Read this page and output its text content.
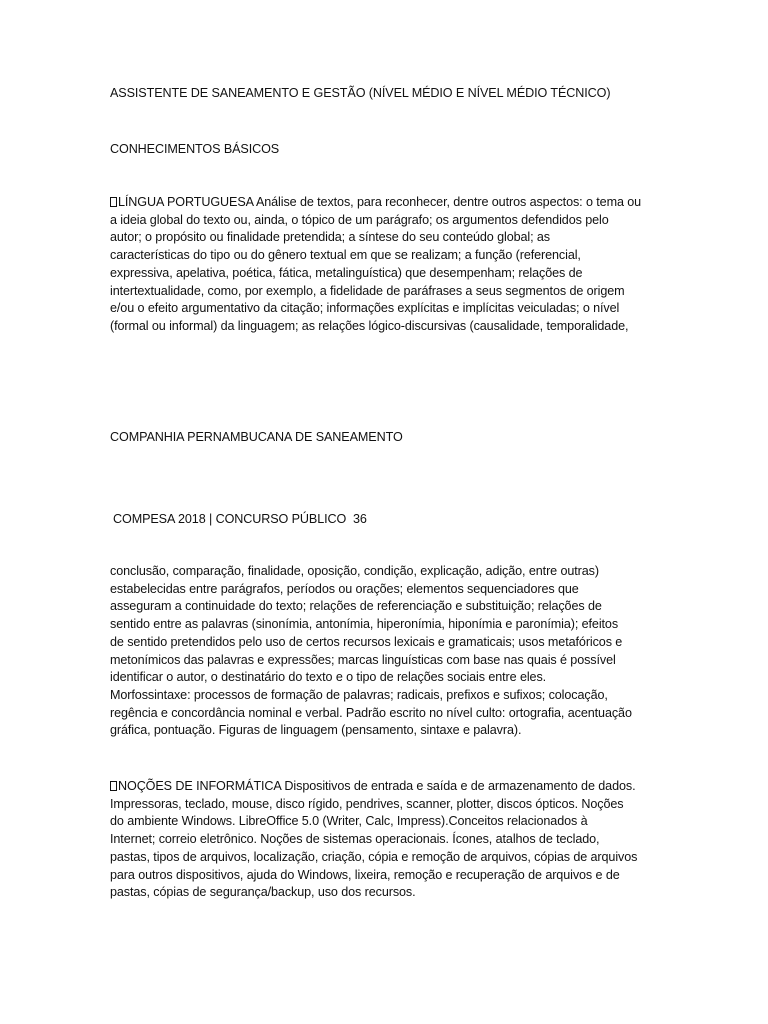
ASSISTENTE DE SANEAMENTO E GESTÃO (NÍVEL MÉDIO E NÍVEL MÉDIO TÉCNICO)

CONHECIMENTOS BÁSICOS

LÍNGUA PORTUGUESA Análise de textos, para reconhecer, dentre outros aspectos: o tema ou
a ideia global do texto ou, ainda, o tópico de um parágrafo; os argumentos defendidos pelo
autor; o propósito ou finalidade pretendida; a síntese do seu conteúdo global; as
características do tipo ou do gênero textual em que se realizam; a função (referencial,
expressiva, apelativa, poética, fática, metalinguística) que desempenham; relações de
intertextualidade, como, por exemplo, a fidelidade de paráfrases a seus segmentos de origem
e/ou o efeito argumentativo da citação; informações explícitas e implícitas veiculadas; o nível
(formal ou informal) da linguagem; as relações lógico-discursivas (causalidade, temporalidade,

COMPANHIA PERNAMBUCANA DE SANEAMENTO

COMPESA 2018 | CONCURSO PÚBLICO  36

conclusão, comparação, finalidade, oposição, condição, explicação, adição, entre outras)
estabelecidas entre parágrafos, períodos ou orações; elementos sequenciadores que
asseguram a continuidade do texto; relações de referenciação e substituição; relações de
sentido entre as palavras (sinonímia, antonímia, hiperonímia, hiponímia e paronímia); efeitos
de sentido pretendidos pelo uso de certos recursos lexicais e gramaticais; usos metafóricos e
metonímicos das palavras e expressões; marcas linguísticas com base nas quais é possível
identificar o autor, o destinatário do texto e o tipo de relações sociais entre eles.
Morfossintaxe: processos de formação de palavras; radicais, prefixos e sufixos; colocação,
regência e concordância nominal e verbal. Padrão escrito no nível culto: ortografia, acentuação
gráfica, pontuação. Figuras de linguagem (pensamento, sintaxe e palavra).

NOÇÕES DE INFORMÁTICA Dispositivos de entrada e saída e de armazenamento de dados.
Impressoras, teclado, mouse, disco rígido, pendrives, scanner, plotter, discos ópticos. Noções
do ambiente Windows. LibreOffice 5.0 (Writer, Calc, Impress).Conceitos relacionados à
Internet; correio eletrônico. Noções de sistemas operacionais. Ícones, atalhos de teclado,
pastas, tipos de arquivos, localização, criação, cópia e remoção de arquivos, cópias de arquivos
para outros dispositivos, ajuda do Windows, lixeira, remoção e recuperação de arquivos e de
pastas, cópias de segurança/backup, uso dos recursos.
